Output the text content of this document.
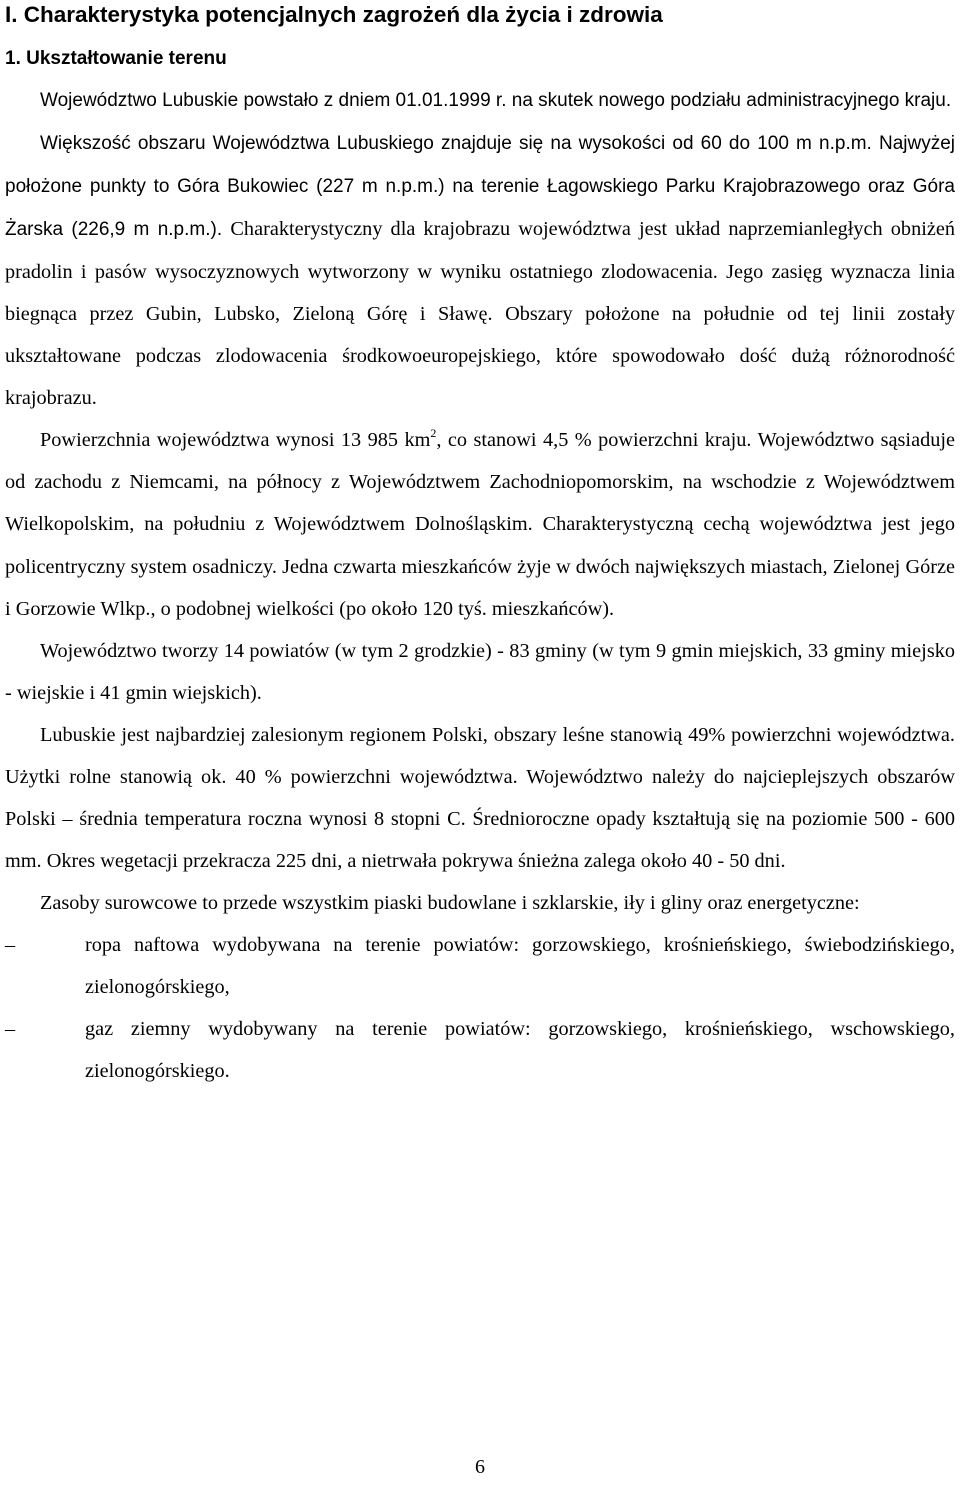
I. Charakterystyka potencjalnych zagrożeń dla życia i zdrowia
1. Ukształtowanie terenu

Województwo Lubuskie powstało z dniem 01.01.1999 r. na skutek nowego podziału administracyjnego kraju.

Większość obszaru Województwa Lubuskiego znajduje się na wysokości od 60 do 100 m n.p.m. Najwyżej położone punkty to Góra Bukowiec (227 m n.p.m.) na terenie Łagowskiego Parku Krajobrazowego oraz Góra Żarska (226,9 m n.p.m.). Charakterystyczny dla krajobrazu województwa jest układ naprzemianległych obniżeń pradolin i pasów wysoczyznowych wytworzony w wyniku ostatniego zlodowacenia. Jego zasięg wyznacza linia biegnąca przez Gubin, Lubsko, Zieloną Górę i Sławę. Obszary położone na południe od tej linii zostały ukształtowane podczas zlodowacenia środkowoeuropejskiego, które spowodowało dość dużą różnorodność krajobrazu.

Powierzchnia województwa wynosi 13 985 $km^2$, co stanowi 4,5 % powierzchni kraju. Województwo sąsiaduje od zachodu z Niemcami, na północy z Województwem Zachodniopomorskim, na wschodzie z Województwem Wielkopolskim, na południu z Województwem Dolnośląskim. Charakterystyczną cechą województwa jest jego policentryczny system osadniczy. Jedna czwarta mieszkańców żyje w dwóch największych miastach, Zielonej Górze i Gorzowie Wlkp., o podobnej wielkości (po około 120 tyś. mieszkańców).

Województwo tworzy 14 powiatów (w tym 2 grodzkie) - 83 gminy (w tym 9 gmin miejskich, 33 gminy miejsko - wiejskie i 41 gmin wiejskich).

Lubuskie jest najbardziej zalesionym regionem Polski, obszary leśne stanowią 49% powierzchni województwa. Użytki rolne stanowią ok. 40 % powierzchni województwa. Województwo należy do najcieplejszych obszarów Polski – średnia temperatura roczna wynosi 8 stopni C. Średnioroczne opady kształtują się na poziomie 500 - 600 mm. Okres wegetacji przekracza 225 dni, a nietrwała pokrywa śnieżna zalega około 40 - 50 dni.

Zasoby surowcowe to przede wszystkim piaski budowlane i szklarskie, iły i gliny oraz energetyczne:

–	ropa naftowa wydobywana na terenie powiatów: gorzowskiego, krośnieńskiego, świebodzińskiego, zielonogórskiego,
–	gaz ziemny wydobywany na terenie powiatów: gorzowskiego, krośnieńskiego, wschowskiego, zielonogórskiego.
6
